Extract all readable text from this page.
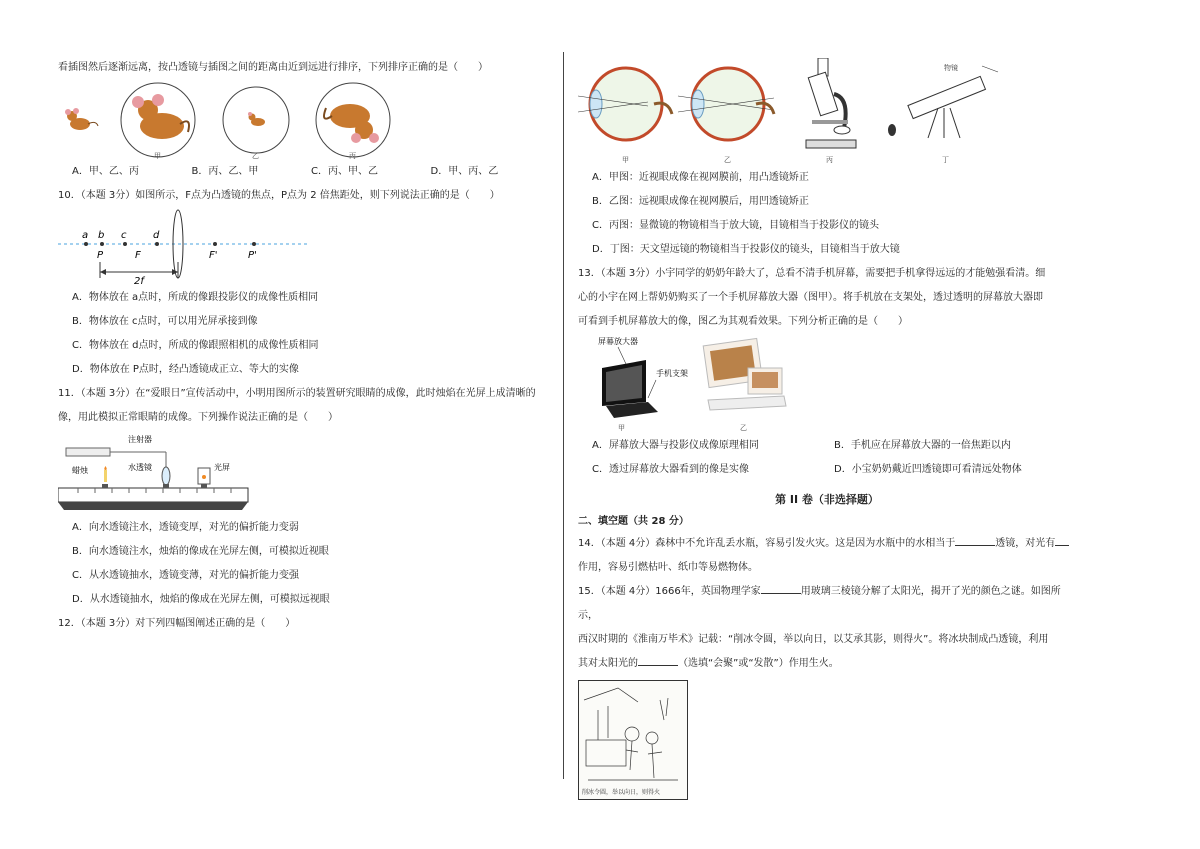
看插图然后逐渐远离，按凸透镜与插图之间的距离由近到远进行排序，下列排序正确的是（　　）

甲	乙	丙
A．甲、乙、丙	B．丙、乙、甲	C．丙、甲、乙	D．甲、丙、乙

10．（本题 3分）如图所示，F点为凸透镜的焦点，P点为 2 倍焦距处，则下列说法正确的是（　　）

a b c	d
P	F	F'	P'
2f
A．物体放在 a点时，所成的像跟投影仪的成像性质相同
B．物体放在 c点时，可以用光屏承接到像
C．物体放在 d点时，所成的像跟照相机的成像性质相同
D．物体放在 P点时，经凸透镜成正立、等大的实像

11．（本题 3分）在“爱眼日”宣传活动中，小明用图所示的装置研究眼睛的成像，此时烛焰在光屏上成清晰的

像，用此模拟正常眼睛的成像。下列操作说法正确的是（　　）

注射器
蜡烛	水透镜	光屏
A．向水透镜注水，透镜变厚，对光的偏折能力变弱
B．向水透镜注水，烛焰的像成在光屏左侧，可模拟近视眼
C．从水透镜抽水，透镜变薄，对光的偏折能力变强
D．从水透镜抽水，烛焰的像成在光屏左侧，可模拟远视眼

12．（本题 3分）对下列四幅图阐述正确的是（　　）

甲	乙	丙
物镜
丁
A．甲图：近视眼成像在视网膜前，用凸透镜矫正
B．乙图：远视眼成像在视网膜后，用凹透镜矫正
C．丙图：显微镜的物镜相当于放大镜，目镜相当于投影仪的镜头
D．丁图：天文望远镜的物镜相当于投影仪的镜头，目镜相当于放大镜

13．（本题 3分）小宇同学的奶奶年龄大了，总看不清手机屏幕，需要把手机拿得远远的才能勉强看清。细

心的小宇在网上帮奶奶购买了一个手机屏幕放大器（图甲）。将手机放在支架处，透过透明的屏幕放大器即

可看到手机屏幕放大的像，图乙为其观看效果。下列分析正确的是（　　）

屏幕放大器
手机支架
甲	乙
A．屏幕放大器与投影仪成像原理相同	B．手机应在屏幕放大器的一倍焦距以内
C．透过屏幕放大器看到的像是实像	D．小宝奶奶戴近凹透镜即可看清远处物体
第 II 卷（非选择题）
二、填空题（共 28 分）

14．（本题 4分）森林中不允许乱丢水瓶，容易引发火灾。这是因为水瓶中的水相当于	透镜，对光有

作用，容易引燃枯叶、纸巾等易燃物体。

15．（本题 4分）1666年，英国物理学家	用玻璃三棱镜分解了太阳光，揭开了光的颜色之谜。如图所示，

西汉时期的《淮南万毕术》记载：“削冰令圆，举以向日，以艾承其影，则得火”。将冰块制成凸透镜，利用

其对太阳光的	（选填“会聚”或“发散”）作用生火。

削冰令圆，举以向日，则得火
